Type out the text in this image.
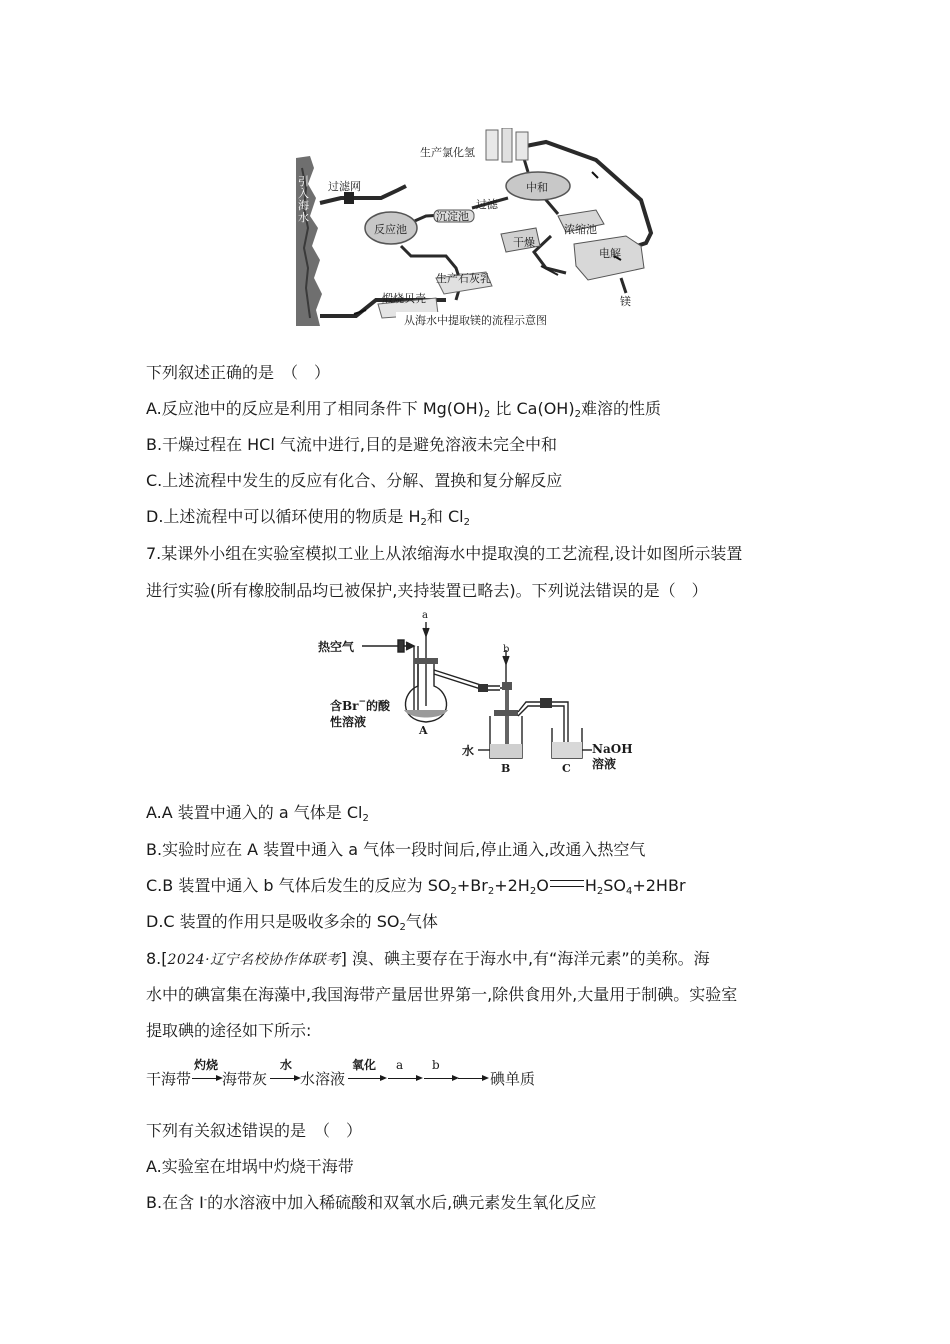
引入海水
过滤网
反应池
沉淀池
过滤
中和
生产氯化氢
浓缩池
干燥
电解
镁
生产石灰乳
煅烧贝壳
从海水中提取镁的流程示意图
下列叙述正确的是　（　）
A.反应池中的反应是利用了相同条件下 $Mg(OH)_2$ 比 $Ca(OH)_2$难溶的性质
B.干燥过程在 HCl 气流中进行,目的是避免溶液未完全中和
C.上述流程中发生的反应有化合、分解、置换和复分解反应
D.上述流程中可以循环使用的物质是 $H_2$和 $Cl_2$
7.某课外小组在实验室模拟工业上从浓缩海水中提取溴的工艺流程,设计如图所示装置
进行实验(所有橡胶制品均已被保护,夹持装置已略去)。下列说法错误的是（　）
热空气
a
b
含Br−的酸
性溶液
A
水
B	C
NaOH
溶液
A.A 装置中通入的 a 气体是 $Cl_2$
B.实验时应在 A 装置中通入 a 气体一段时间后,停止通入,改通入热空气
C.B 装置中通入 b 气体后发生的反应为 $SO_2+Br_2+2H_2O$ $H_2SO_4+2HBr$
D.C 装置的作用只是吸收多余的 $SO_2$气体
8.[2024·辽宁名校协作体联考] 溴、碘主要存在于海水中,有“海洋元素”的美称。海
水中的碘富集在海藻中,我国海带产量居世界第一,除供食用外,大量用于制碘。实验室
提取碘的途径如下所示:
干海带
灼烧
海带灰
水
水溶液
氧化 a b
碘单质
下列有关叙述错误的是　（　）
A.实验室在坩埚中灼烧干海带
B.在含 I-的水溶液中加入稀硫酸和双氧水后,碘元素发生氧化反应
